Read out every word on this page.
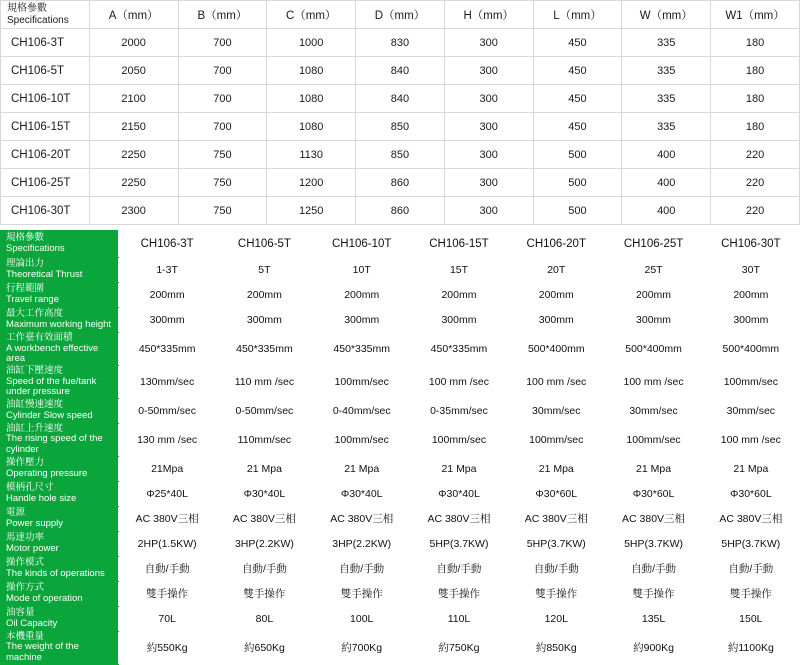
規格參數
Specifications	A（mm）	B（mm）	C（mm）	D（mm）	H（mm）	L（mm）	W（mm）	W1（mm）
CH106-3T	2000	700	1000	830	300	450	335	180
CH106-5T	2050	700	1080	840	300	450	335	180
CH106-10T	2100	700	1080	840	300	450	335	180
CH106-15T	2150	700	1080	850	300	450	335	180
CH106-20T	2250	750	1130	850	300	500	400	220
CH106-25T	2250	750	1200	860	300	500	400	220
CH106-30T	2300	750	1250	860	300	500	400	220
規格參數
Specifications	CH106-3T	CH106-5T	CH106-10T	CH106-15T	CH106-20T	CH106-25T	CH106-30T

理論出力
Theoretical Thrust	1-3T	5T	10T	15T	20T	25T	30T

行程範圍
Travel range	200mm	200mm	200mm	200mm	200mm	200mm	200mm

最大工作高度
Maximum working height	300mm	300mm	300mm	300mm	300mm	300mm	300mm

工作臺有效面積
A workbench effective area	450*335mm	450*335mm	450*335mm	450*335mm	500*400mm	500*400mm	500*400mm

油缸下壓速度
Speed of the fue/tank under pressure	130mm/sec	110 mm /sec	100mm/sec	100 mm /sec	100 mm /sec	100 mm /sec	100mm/sec

油缸慢速速度
Cylinder Slow speed	0-50mm/sec	0-50mm/sec	0-40mm/sec	0-35mm/sec	30mm/sec	30mm/sec	30mm/sec

油缸上升速度
The rising speed of the cylinder	130 mm /sec	110mm/sec	100mm/sec	100mm/sec	100mm/sec	100mm/sec	100 mm /sec

操作壓力
Operating pressure	21Mpa	21 Mpa	21 Mpa	21 Mpa	21 Mpa	21 Mpa	21 Mpa

模柄孔尺寸
Handle hole size	Φ25*40L	Φ30*40L	Φ30*40L	Φ30*40L	Φ30*60L	Φ30*60L	Φ30*60L

電源
Power supply	AC 380V三相	AC 380V三相	AC 380V三相	AC 380V三相	AC 380V三相	AC 380V三相	AC 380V三相

馬達功率
Motor power	2HP(1.5KW)	3HP(2.2KW)	3HP(2.2KW)	5HP(3.7KW)	5HP(3.7KW)	5HP(3.7KW)	5HP(3.7KW)

操作模式
The kinds of operations	自動/手動	自動/手動	自動/手動	自動/手動	自動/手動	自動/手動	自動/手動

操作方式
Mode of operation	雙手操作	雙手操作	雙手操作	雙手操作	雙手操作	雙手操作	雙手操作

油容量
Oil Capacity	70L	80L	100L	110L	120L	135L	150L

本機重量
The weight of the machine	約550Kg	約650Kg	約700Kg	約750Kg	約850Kg	約900Kg	約1100Kg
